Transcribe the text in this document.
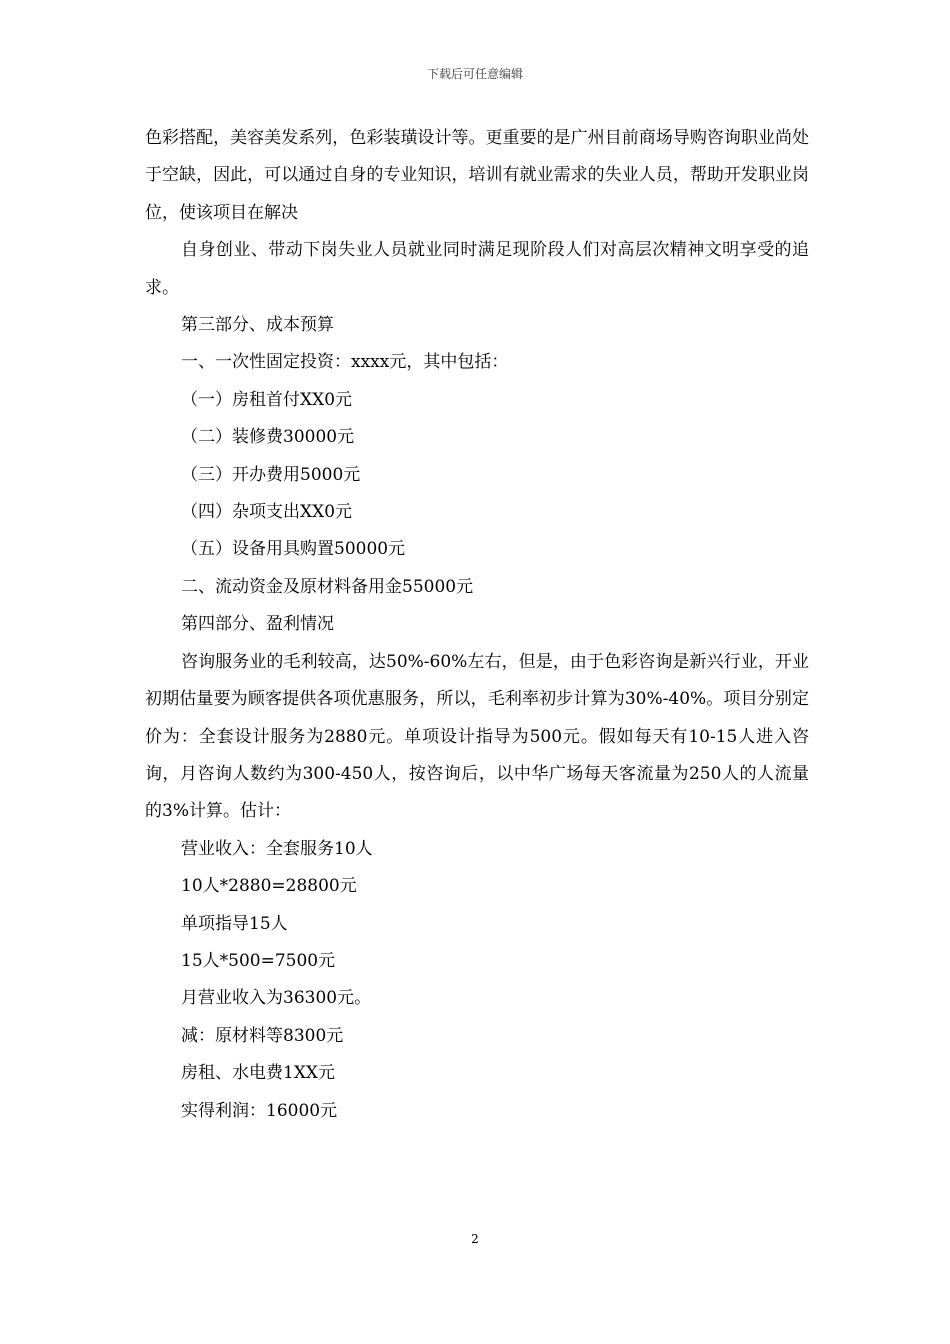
下载后可任意编辑

色彩搭配，美容美发系列，色彩装璜设计等。更重要的是广州目前商场导购咨询职业尚处于空缺，因此，可以通过自身的专业知识，培训有就业需求的失业人员，帮助开发职业岗位，使该项目在解决

自身创业、带动下岗失业人员就业同时满足现阶段人们对高层次精神文明享受的追求。

第三部分、成本预算

一、一次性固定投资：xxxx元，其中包括：

（一）房租首付XX0元

（二）装修费30000元

（三）开办费用5000元

（四）杂项支出XX0元

（五）设备用具购置50000元

二、流动资金及原材料备用金55000元

第四部分、盈利情况

咨询服务业的毛利较高，达50%-60%左右，但是，由于色彩咨询是新兴行业，开业初期估量要为顾客提供各项优惠服务，所以，毛利率初步计算为30%-40%。项目分别定价为：全套设计服务为2880元。单项设计指导为500元。假如每天有10-15人进入咨询，月咨询人数约为300-450人，按咨询后，以中华广场每天客流量为250人的人流量的3%计算。估计：

营业收入：全套服务10人

10人*2880=28800元

单项指导15人

15人*500=7500元

月营业收入为36300元。

减：原材料等8300元

房租、水电费1XX元

实得利润：16000元

2
